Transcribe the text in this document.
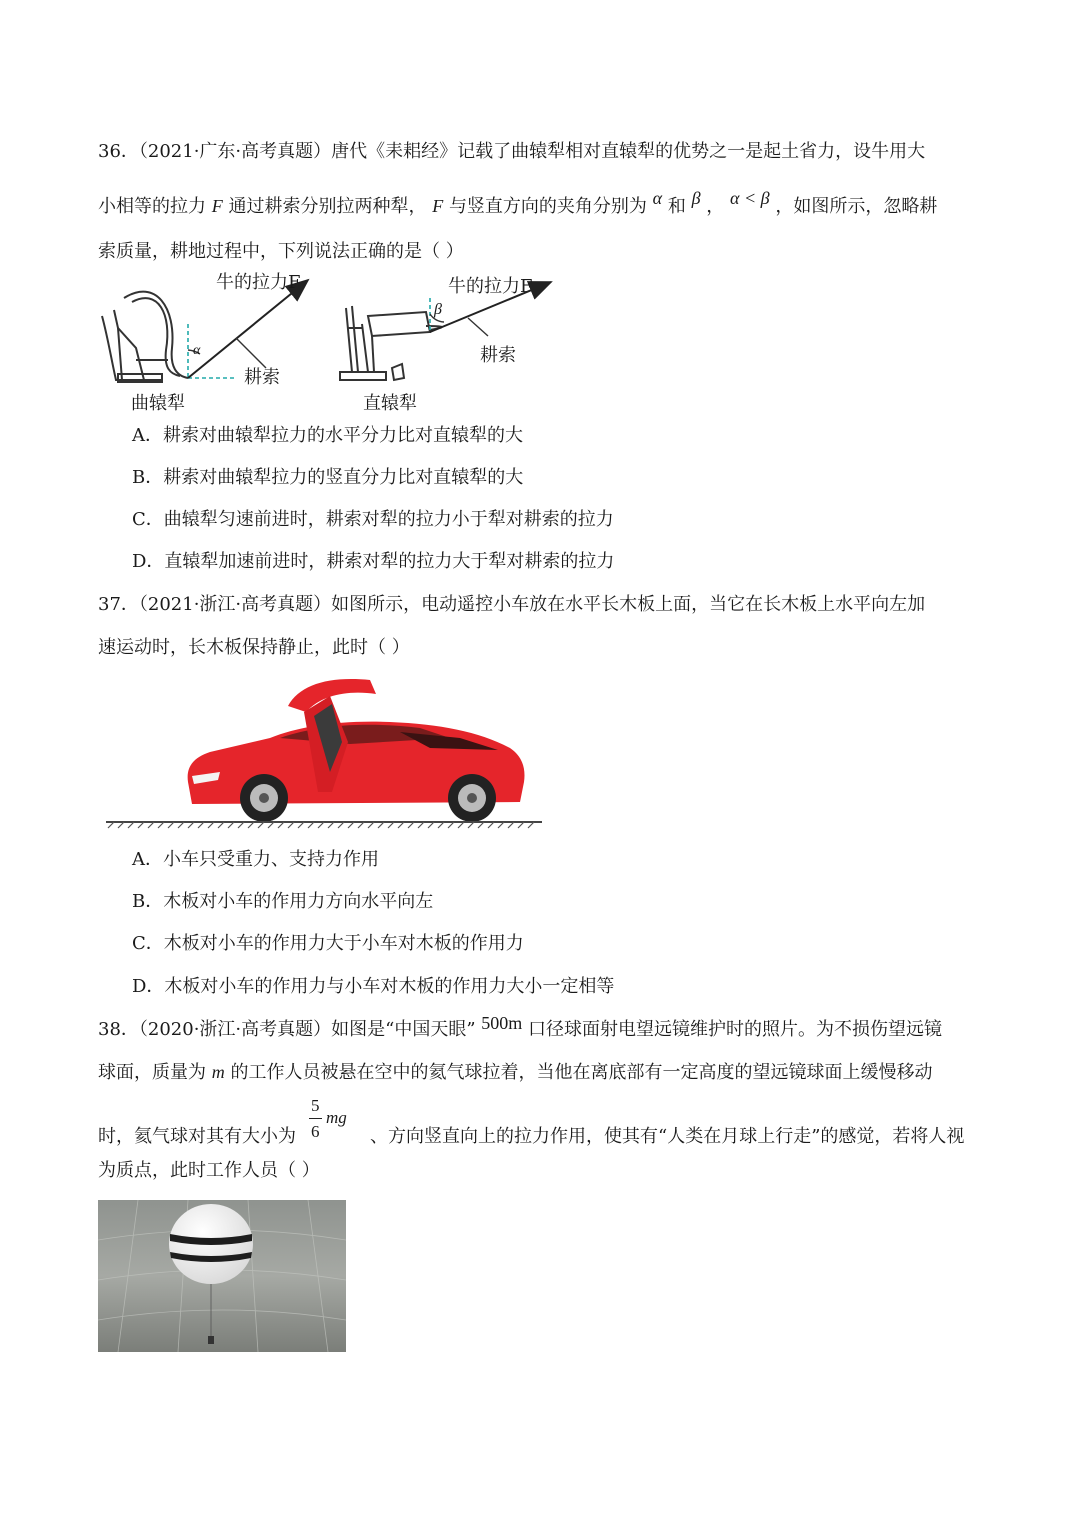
36．（2021·广东·高考真题）唐代《耒耜经》记载了曲辕犁相对直辕犁的优势之一是起土省力，设牛用大
小相等的拉力 F 通过耕索分别拉两种犁， F 与竖直方向的夹角分别为 α 和 β ， α < β ，如图所示，忽略耕
索质量，耕地过程中，下列说法正确的是（ ）
牛的拉力F
α
耕索
曲辕犁
牛的拉力F
β
耕索
直辕犁
A．耕索对曲辕犁拉力的水平分力比对直辕犁的大
B．耕索对曲辕犁拉力的竖直分力比对直辕犁的大
C．曲辕犁匀速前进时，耕索对犁的拉力小于犁对耕索的拉力
D．直辕犁加速前进时，耕索对犁的拉力大于犁对耕索的拉力
37．（2021·浙江·高考真题）如图所示，电动遥控小车放在水平长木板上面，当它在长木板上水平向左加
速运动时，长木板保持静止，此时（ ）
A．小车只受重力、支持力作用
B．木板对小车的作用力方向水平向左
C．木板对小车的作用力大于小车对木板的作用力
D．木板对小车的作用力与小车对木板的作用力大小一定相等
38．（2020·浙江·高考真题）如图是“中国天眼” 500m 口径球面射电望远镜维护时的照片。为不损伤望远镜
球面，质量为 m 的工作人员被悬在空中的氦气球拉着，当他在离底部有一定高度的望远镜球面上缓慢移动
5
6
mg
时，氦气球对其有大小为	、方向竖直向上的拉力作用，使其有“人类在月球上行走”的感觉，若将人视
为质点，此时工作人员（ ）
